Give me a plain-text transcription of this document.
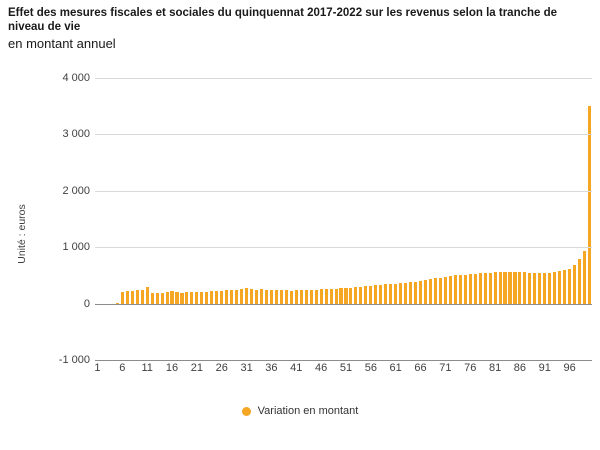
Effet des mesures fiscales et sociales du quinquennat 2017-2022 sur les revenus selon la tranche de niveau de vie
en montant annuel
Unité : euros
-1 000
0
1 000
2 000
3 000
4 000
1 6 11 16 21 26 31 36 41 46 51 56 61 66 71 76 81 86 91 96
Variation en montant
